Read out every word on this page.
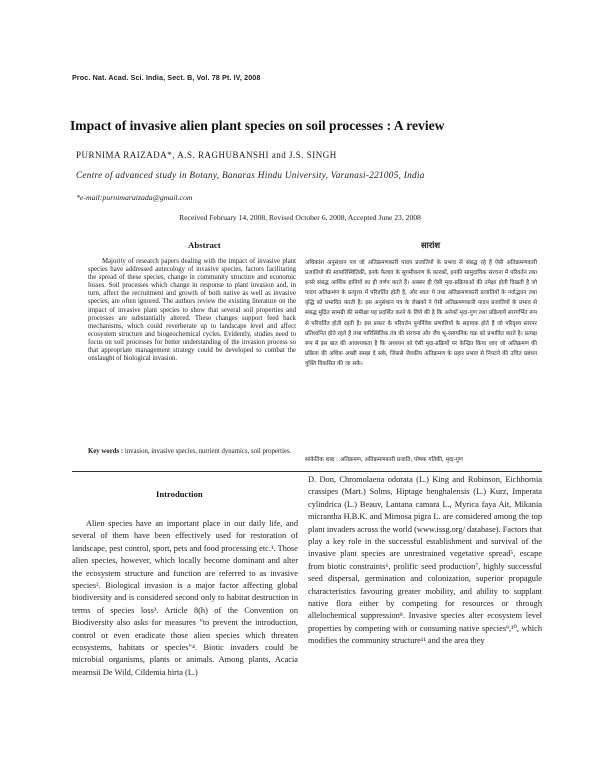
Proc. Nat. Acad. Sci. India, Sect. B, Vol. 78 Pt. IV, 2008
Impact of invasive alien plant species on soil processes : A review
PURNIMA RAIZADA*, A.S. RAGHUBANSHI and J.S. SINGH
Centre of advanced study in Botany, Banaras Hindu University, Varanasi-221005, India
*e-mail:purnimaraizada@gmail.com
Received February 14, 2008, Revised October 6, 2008, Accepted June 23, 2008
Abstract	सारांश

Majority of research papers dealing with the impact of invasive plant species have addressed autecology of invasive species, factors facilitating the spread of these species, change in community structure and economic losses. Soil processes which change in response to plant invasion and, in turn, affect the recruitment and growth of both native as well as invasive species, are often ignored. The authors review the existing literature on the impact of invasive plant species to show that several soil properties and processes are substantially altered. These changes support feed back mechanisms, which could reverberate up to landscape level and affect ecosystem structure and biogeochemical cycles. Evidently, studies need to focus on soil processes for better understanding of the invasion process so that appropriate management strategy could be developed to combat the onslaught of biological invasion.

Key words : invasion, invasive species, nutrient dynamics, soil properties.

अधिकांश अनुसंधान पत्र जो अतिक्रमणकारी पादप प्रजातियों के प्रभाव से संबद्ध रहे हैं ऐसी अतिक्रमणकारी प्रजातियों की स्वपारिस्थितिकी, इनके फैलाव के सुगमीकरण के कारकों, इनकी सामुदायिक संरचना में परिवर्तन तथा इनसे संबद्ध आर्थिक हानियों का ही वर्णन करते हैं। अक्सर ही ऐसी मृदा-प्रक्रियाओं की उपेक्षा होती दिखती है जो पादप अतिक्रमण के प्रत्युत्तर में परिवर्तित होती है, और स्वतः ये तथा अतिक्रमणकारी प्रजातियों के नवोद्भवन तथा वृद्धि को प्रभावित करती है। इस अनुसंधान पत्र के लेखकों ने ऐसी अतिक्रमणकारी पादप प्रजातियों के प्रभाव से संबद्ध मुद्रित सामग्री की समीक्षा यह प्रदर्शित करने के लिये की है कि अनेकों मृदा-गुण तथा प्रक्रियायें सारगर्भित रूप से परिवर्तित होती रहती है। इस प्रकार के परिवर्तन पुनर्निवेश प्रणालियों के सहायक होते हैं जो परिदृश्य स्तरपर प्रतिध्वनित होते रहते है तथा पारिस्थितिक तंत्र की संरचना और जैव भू-रसायनिक चक्र को प्रभावित करते है। प्रत्यक्ष रूप में इस बात की आवश्यकता है कि अध्ययन को ऐसी मृदा-प्रक्रियों पर केन्द्रित किया जाए जो अतिक्रमण की प्रक्रिया की अधिक अच्छी समझ दे सके, जिससे जैवकीय अतिक्रमण के प्रहार प्रभाव से निपटने की उचित प्रबंधन युक्ति विकसित की जा सके।

सांकेतिक शब्द : अतिक्रमण, अतिक्रमणकारी प्रजाति, पोषक गतिकी, मृदा-गुण

Introduction

Alien species have an important place in our daily life, and several of them have been effectively used for restoration of landscape, pest control, sport, pets and food processing etc.¹. Those alien species, however, which locally become dominant and alter the ecosystem structure and function are referred to as invasive species². Biological invasion is a major factor affecting global biodiversity and is considered second only to habitat destruction in terms of species loss³. Article 8(h) of the Convention on Biodiversity also asks for measures "to prevent the introduction, control or even eradicate those alien species which threaten ecosystems, habitats or species"⁴. Biotic invaders could be microbial organisms, plants or animals. Among plants, Acacia mearnsii De Wild, Cildemia hirta (L.)

D. Don, Chromolaena odorata (L.) King and Robinson, Eichhornia crassipes (Mart.) Solms, Hiptage benghalensis (L.) Kurz, Imperata cylindrica (L.) Beauv, Lantana camara L., Myrica faya Ait, Mikania micrantha H.B.K. and Mimosa pigra L. are considered among the top plant invaders across the world (www.issg.org/ database). Factors that play a key role in the successful establishment and survival of the invasive plant species are unrestrained vegetative spread⁵, escape from biotic constraints⁶, prolific seed production⁷, highly successful seed dispersal, germination and colonization, superior propagule characteristics favouring greater mobility, and ability to supplant native flora either by competing for resources or through allelochemical suppression⁸. Invasive species alter ecosystem level properties by competing with or consuming native species⁹,¹⁰, which modifies the community structure¹¹ and the area they
